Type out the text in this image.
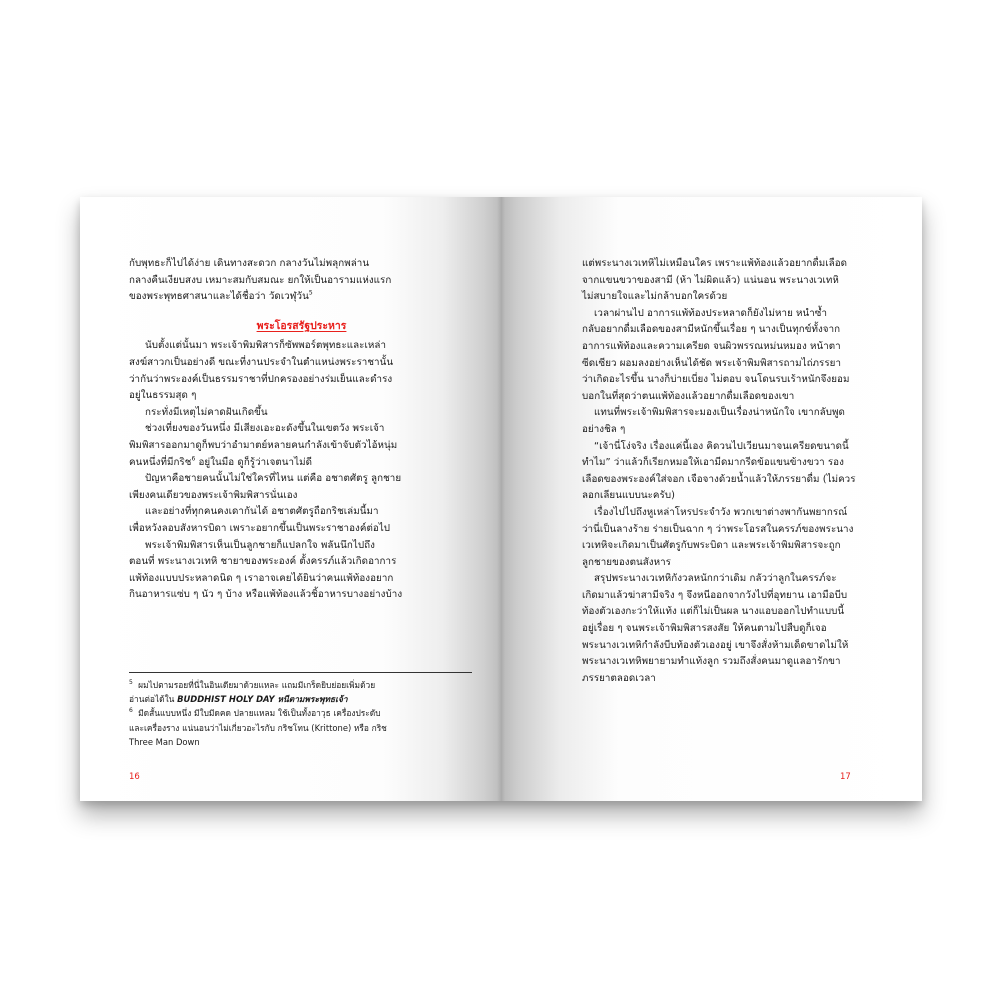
กับพุทธะก็ไปได้ง่าย เดินทางสะดวก กลางวันไม่พลุกพล่าน

กลางคืนเงียบสงบ เหมาะสมกับสมณะ ยกให้เป็นอารามแห่งแรก

ของพระพุทธศาสนาและได้ชื่อว่า วัดเวฬุวัน$^5$

พระโอรสรัฐประหาร

นับตั้งแต่นั้นมา พระเจ้าพิมพิสารก็ซัพพอร์ตพุทธะและเหล่า

สงฆ์สาวกเป็นอย่างดี ขณะที่งานประจำในตำแหน่งพระราชานั้น

ว่ากันว่าพระองค์เป็นธรรมราชาที่ปกครองอย่างร่มเย็นและดำรง

อยู่ในธรรมสุด ๆ

กระทั่งมีเหตุไม่คาดฝันเกิดขึ้น

ช่วงเที่ยงของวันหนึ่ง มีเสียงเอะอะดังขึ้นในเขตวัง พระเจ้า

พิมพิสารออกมาดูก็พบว่าอำมาตย์หลายคนกำลังเข้าจับตัวไอ้หนุ่ม

คนหนึ่งที่มีกริช$^6$ อยู่ในมือ ดูก็รู้ว่าเจตนาไม่ดี

ปัญหาคือชายคนนั้นไม่ใช่ใครที่ไหน แต่คือ อชาตศัตรู ลูกชาย

เพียงคนเดียวของพระเจ้าพิมพิสารนั่นเอง

และอย่างที่ทุกคนคงเดากันได้ อชาตศัตรูถือกริชเล่มนี้มา

เพื่อหวังลอบสังหารบิดา เพราะอยากขึ้นเป็นพระราชาองค์ต่อไป

พระเจ้าพิมพิสารเห็นเป็นลูกชายก็แปลกใจ พลันนึกไปถึง

ตอนที่ พระนางเวเทหิ ชายาของพระองค์ ตั้งครรภ์แล้วเกิดอาการ

แพ้ท้องแบบประหลาดนิด ๆ เราอาจเคยได้ยินว่าคนแพ้ท้องอยาก

กินอาหารแซ่บ ๆ นัว ๆ บ้าง หรือแพ้ท้องแล้วชิ้อาหารบางอย่างบ้าง

$^5$ ผมไปตามรอยที่นี่ในอินเดียมาด้วยแหละ แถมมีเกร็ดยิบย่อยเพิ่มด้วย

อ่านต่อได้ใน BUDDHIST HOLY DAY หนีตามพระพุทธเจ้า

$^6$ มีดสั้นแบบหนึ่ง มีใบมีดคด ปลายแหลม ใช้เป็นทั้งอาวุธ เครื่องประดับ

และเครื่องราง แน่นอนว่าไม่เกี่ยวอะไรกับ กริชโทน (Krittone) หรือ กริช

Three Man Down

16

แต่พระนางเวเทหิไม่เหมือนใคร เพราะแพ้ท้องแล้วอยากดื่มเลือด

จากแขนขวาของสามี (ห้า ไม่ผิดแล้ว) แน่นอน พระนางเวเทหิ

ไม่สบายใจและไม่กล้าบอกใครด้วย

เวลาผ่านไป อาการแพ้ท้องประหลาดก็ยังไม่หาย หนำซ้ำ

กลับอยากดื่มเลือดของสามีหนักขึ้นเรื่อย ๆ นางเป็นทุกข์ทั้งจาก

อาการแพ้ท้องและความเครียด จนผิวพรรณหม่นหมอง หน้าตา

ซีดเซียว ผอมลงอย่างเห็นได้ชัด พระเจ้าพิมพิสารถามไถ่ภรรยา

ว่าเกิดอะไรขึ้น นางก็บ่ายเบี่ยง ไม่ตอบ จนโดนรบเร้าหนักจึงยอม

บอกในที่สุดว่าตนแพ้ท้องแล้วอยากดื่มเลือดของเขา

แทนที่พระเจ้าพิมพิสารจะมองเป็นเรื่องน่าหนักใจ เขากลับพูด

อย่างชิล ๆ

“เจ้านี่โง่จริง เรื่องแค่นี้เอง คิดวนไปเวียนมาจนเครียดขนาดนี้

ทำไม” ว่าแล้วก็เรียกหมอให้เอามีดมากรีดข้อแขนข้างขวา รอง

เลือดของพระองค์ใส่จอก เจือจางด้วยน้ำแล้วให้ภรรยาดื่ม (ไม่ควร

ลอกเลียนแบบนะครับ)

เรื่องไปไปถึงหูเหล่าโหรประจำวัง พวกเขาต่างพากันพยากรณ์

ว่านี่เป็นลางร้าย ร่ายเป็นฉาก ๆ ว่าพระโอรสในครรภ์ของพระนาง

เวเทหิจะเกิดมาเป็นศัตรูกับพระบิดา และพระเจ้าพิมพิสารจะถูก

ลูกชายของตนสังหาร

สรุปพระนางเวเทหิกังวลหนักกว่าเดิม กลัวว่าลูกในครรภ์จะ

เกิดมาแล้วฆ่าสามีจริง ๆ จึงหนีออกจากวังไปที่อุทยาน เอามือบีบ

ท้องตัวเองกะว่าให้แท้ง แต่ก็ไม่เป็นผล นางแอบออกไปทำแบบนี้

อยู่เรื่อย ๆ จนพระเจ้าพิมพิสารสงสัย ให้คนตามไปสืบดูก็เจอ

พระนางเวเทหิกำลังบีบท้องตัวเองอยู่ เขาจึงสั่งห้ามเด็ดขาดไม่ให้

พระนางเวเทหิพยายามทำแท้งลูก รวมถึงสั่งคนมาดูแลอารักขา

ภรรยาตลอดเวลา

17
